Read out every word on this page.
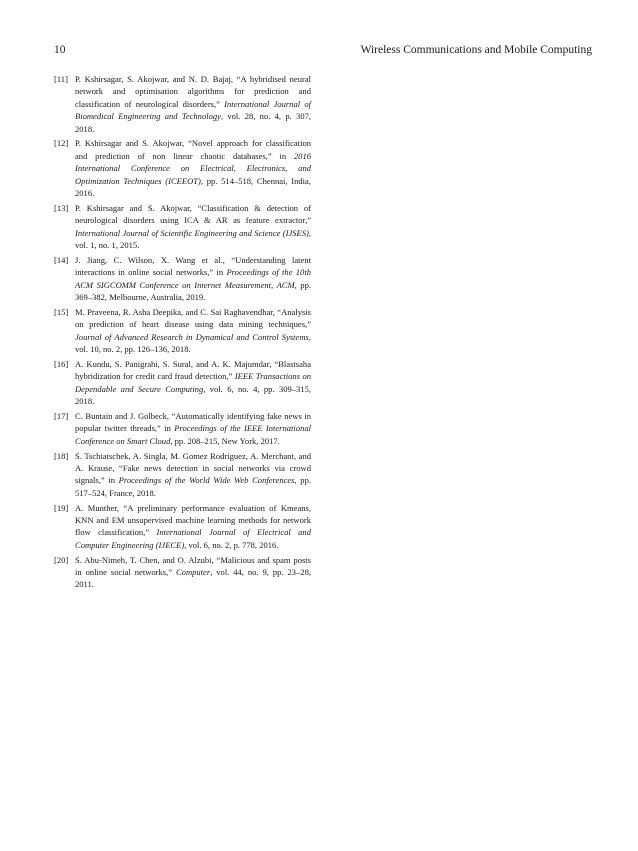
10	Wireless Communications and Mobile Computing
[11] P. Kshirsagar, S. Akojwar, and N. D. Bajaj, “A hybridised neural network and optimisation algorithms for prediction and classification of neurological disorders,” International Journal of Biomedical Engineering and Technology, vol. 28, no. 4, p. 307, 2018.
[12] P. Kshirsagar and S. Akojwar, “Novel approach for classification and prediction of non linear chaotic databases,” in 2016 International Conference on Electrical, Electronics, and Optimization Techniques (ICEEOT), pp. 514–518, Chennai, India, 2016.
[13] P. Kshirsagar and S. Akojwar, “Classification & detection of neurological disorders using ICA & AR as feature extractor,” International Journal of Scientific Engineering and Science (IJSES), vol. 1, no. 1, 2015.
[14] J. Jiang, C. Wilson, X. Wang et al., “Understanding latent interactions in online social networks,” in Proceedings of the 10th ACM SIGCOMM Conference on Internet Measurement, ACM, pp. 369–382, Melbourne, Australia, 2019.
[15] M. Praveena, R. Asha Deepika, and C. Sai Raghavendhar, “Analysis on prediction of heart disease using data mining techniques,” Journal of Advanced Research in Dynamical and Control Systems, vol. 10, no. 2, pp. 126–136, 2018.
[16] A. Kundu, S. Panigrahi, S. Sural, and A. K. Majumdar, “Blastsaha hybridization for credit card fraud detection,” IEEE Transactions on Dependable and Secure Computing, vol. 6, no. 4, pp. 309–315, 2018.
[17] C. Buntain and J. Golbeck, “Automatically identifying fake news in popular twitter threads,” in Proceedings of the IEEE International Conference on Smart Cloud, pp. 208–215, New York, 2017.
[18] S. Tschiatschek, A. Singla, M. Gomez Rodriguez, A. Merchant, and A. Krause, “Fake news detection in social networks via crowd signals,” in Proceedings of the World Wide Web Conferences, pp. 517–524, France, 2018.
[19] A. Munther, “A preliminary performance evaluation of Kmeans, KNN and EM unsupervised machine learning methods for network flow classification,” International Journal of Electrical and Computer Engineering (IJECE), vol. 6, no. 2, p. 778, 2016.
[20] S. Abu-Nimeh, T. Chen, and O. Alzubi, “Malicious and spam posts in online social networks,” Computer, vol. 44, no. 9, pp. 23–28, 2011.
